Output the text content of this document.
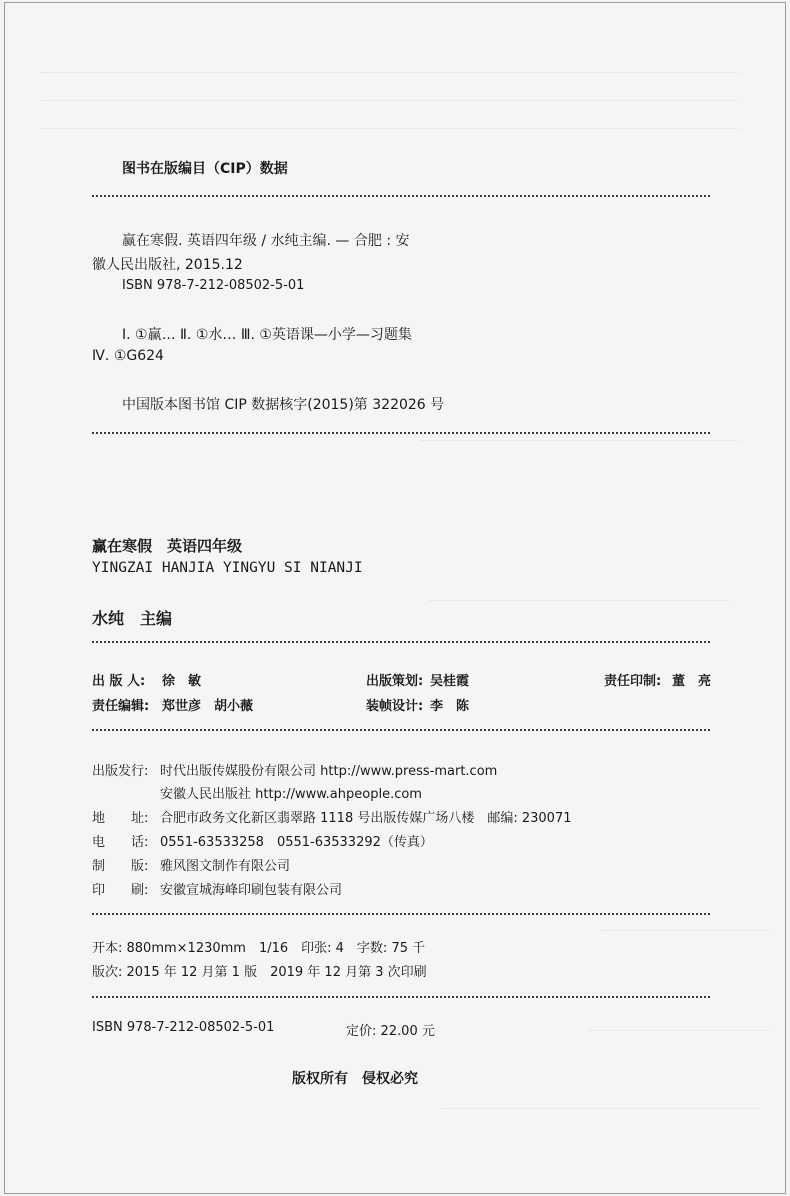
图书在版编目（CIP）数据
赢在寒假. 英语四年级 / 水纯主编. — 合肥 : 安
徽人民出版社, 2015.12
ISBN 978-7-212-08502-5-01
Ⅰ. ①赢… Ⅱ. ①水… Ⅲ. ①英语课—小学—习题集
Ⅳ. ①G624
中国版本图书馆 CIP 数据核字(2015)第 322026 号
赢在寒假　英语四年级
YINGZAI HANJIA YINGYU SI NIANJI
水纯　主编
出 版 人: 徐　敏	出版策划: 吴桂霞	责任印制: 董　亮
责任编辑: 郑世彦　胡小薇	装帧设计: 李　陈
出版发行: 时代出版传媒股份有限公司 http://www.press-mart.com
安徽人民出版社 http://www.ahpeople.com
地　　址: 合肥市政务文化新区翡翠路 1118 号出版传媒广场八楼　邮编: 230071
电　　话: 0551-63533258　0551-63533292（传真）
制　　版: 雅风图文制作有限公司
印　　刷: 安徽宣城海峰印刷包装有限公司
开本: 880mm×1230mm　1/16　印张: 4　字数: 75 千
版次: 2015 年 12 月第 1 版　2019 年 12 月第 3 次印刷
ISBN 978-7-212-08502-5-01	定价: 22.00 元
版权所有　侵权必究
